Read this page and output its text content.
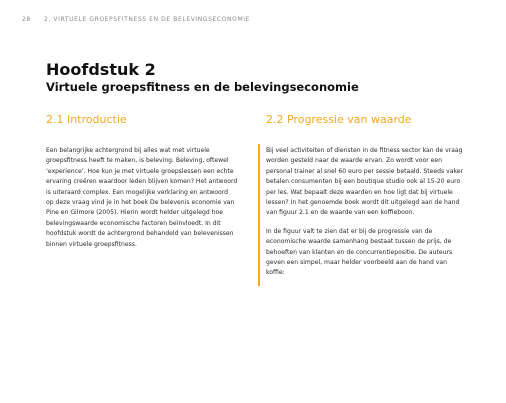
28 2. VIRTUELE GROEPSFITNESS EN DE BELEVINGSECONOMIE
Hoofdstuk 2
Virtuele groepsfitness en de belevingseconomie
2.1 Introductie	2.2 Progressie van waarde

Een belangrijke achtergrond bij alles wat met virtuele
groepsfitness heeft te maken, is beleving. Beleving, oftewel
‘experience’. Hoe kun je met virtuele groepslessen een echte
ervaring creëren waardoor leden blijven komen? Het antwoord
is uiteraard complex. Een mogelijke verklaring en antwoord
op deze vraag vind je in het boek De belevenis economie van
Pine en Gilmore (2005). Hierin wordt helder uitgelegd hoe
belevingswaarde economische factoren beïnvloedt. In dit
hoofdstuk wordt de achtergrond behandeld van belevenissen
binnen virtuele groepsfitness.

Bij veel activiteiten of diensten in de fitness sector kan de vraag
worden gesteld naar de waarde ervan. Zo wordt voor een
personal trainer al snel 60 euro per sessie betaald. Steeds vaker
betalen consumenten bij een boutique studio ook al 15-20 euro
per les. Wat bepaalt deze waarden en hoe ligt dat bij virtuele
lessen? In het genoemde boek wordt dit uitgelegd aan de hand
van figuur 2.1 en de waarde van een koffieboon.

In de figuur valt te zien dat er bij de progressie van de
economische waarde samenhang bestaat tussen de prijs, de
behoeften van klanten en de concurrentiepositie. De auteurs
geven een simpel, maar helder voorbeeld aan de hand van
koffie:
